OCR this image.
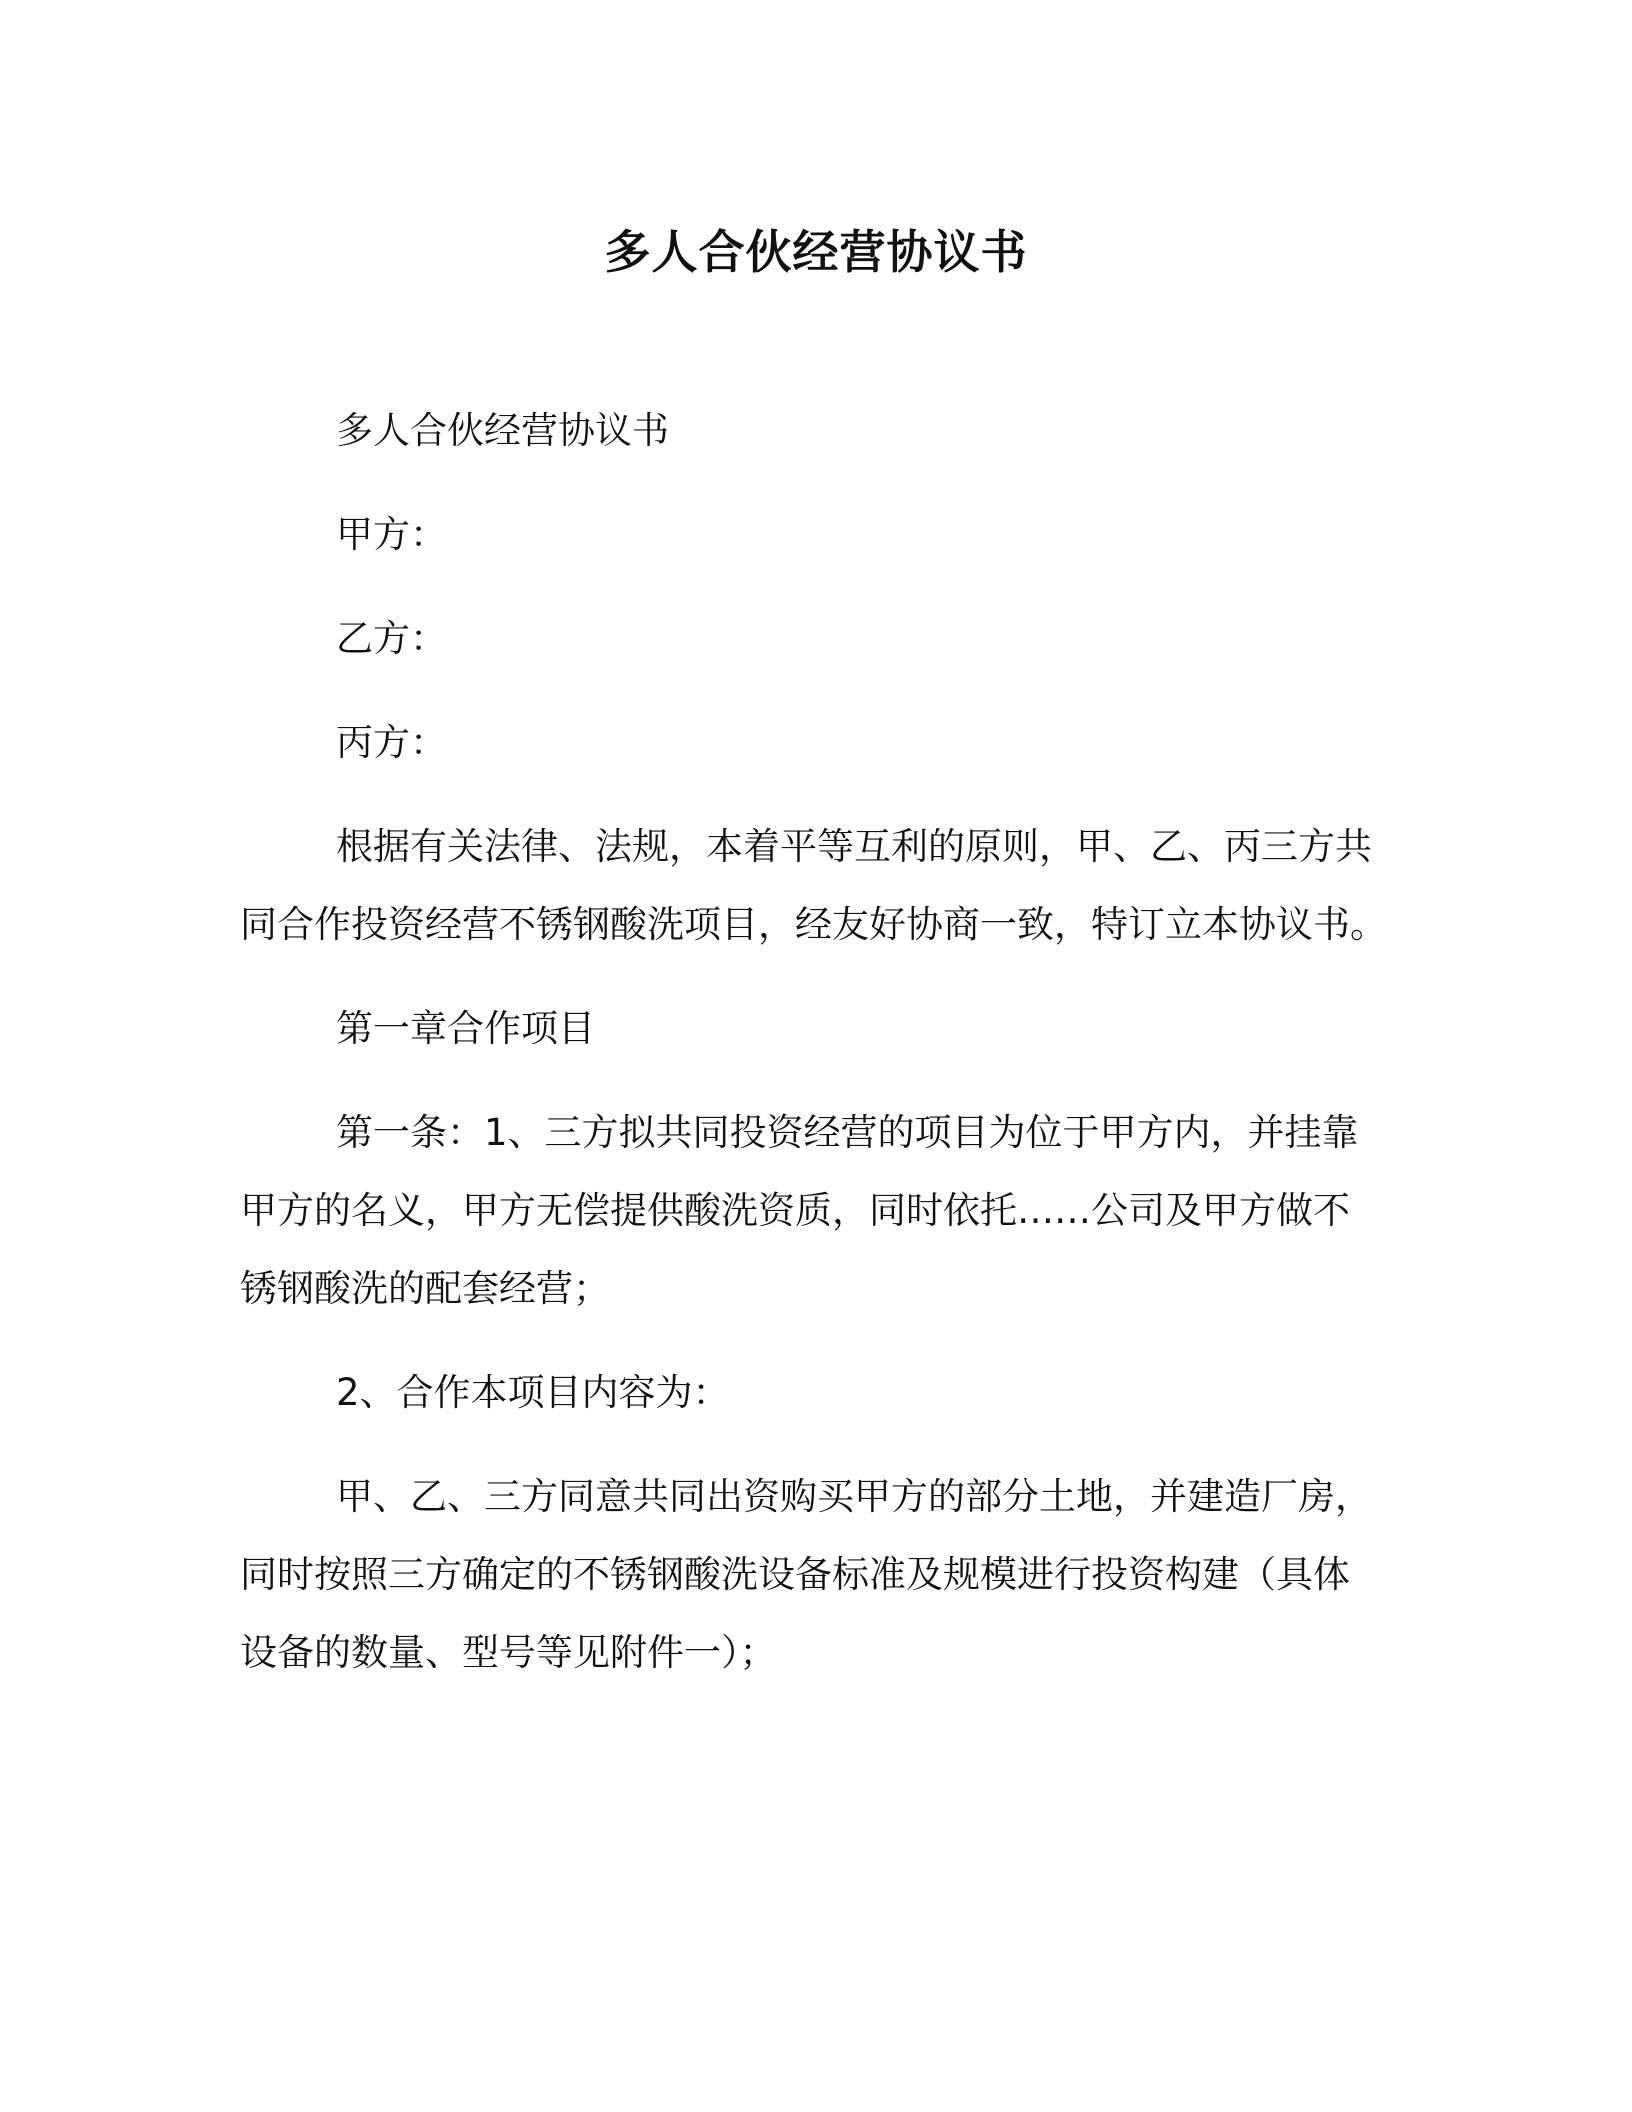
多人合伙经营协议书
多人合伙经营协议书
甲方：
乙方：
丙方：
根据有关法律、法规，本着平等互利的原则，甲、乙、丙三方共
同合作投资经营不锈钢酸洗项目，经友好协商一致，特订立本协议书。
第一章合作项目
第一条：1、三方拟共同投资经营的项目为位于甲方内，并挂靠
甲方的名义，甲方无偿提供酸洗资质，同时依托……公司及甲方做不
锈钢酸洗的配套经营；
2、合作本项目内容为：
甲、乙、三方同意共同出资购买甲方的部分土地，并建造厂房，
同时按照三方确定的不锈钢酸洗设备标准及规模进行投资构建（具体
设备的数量、型号等见附件一）；
